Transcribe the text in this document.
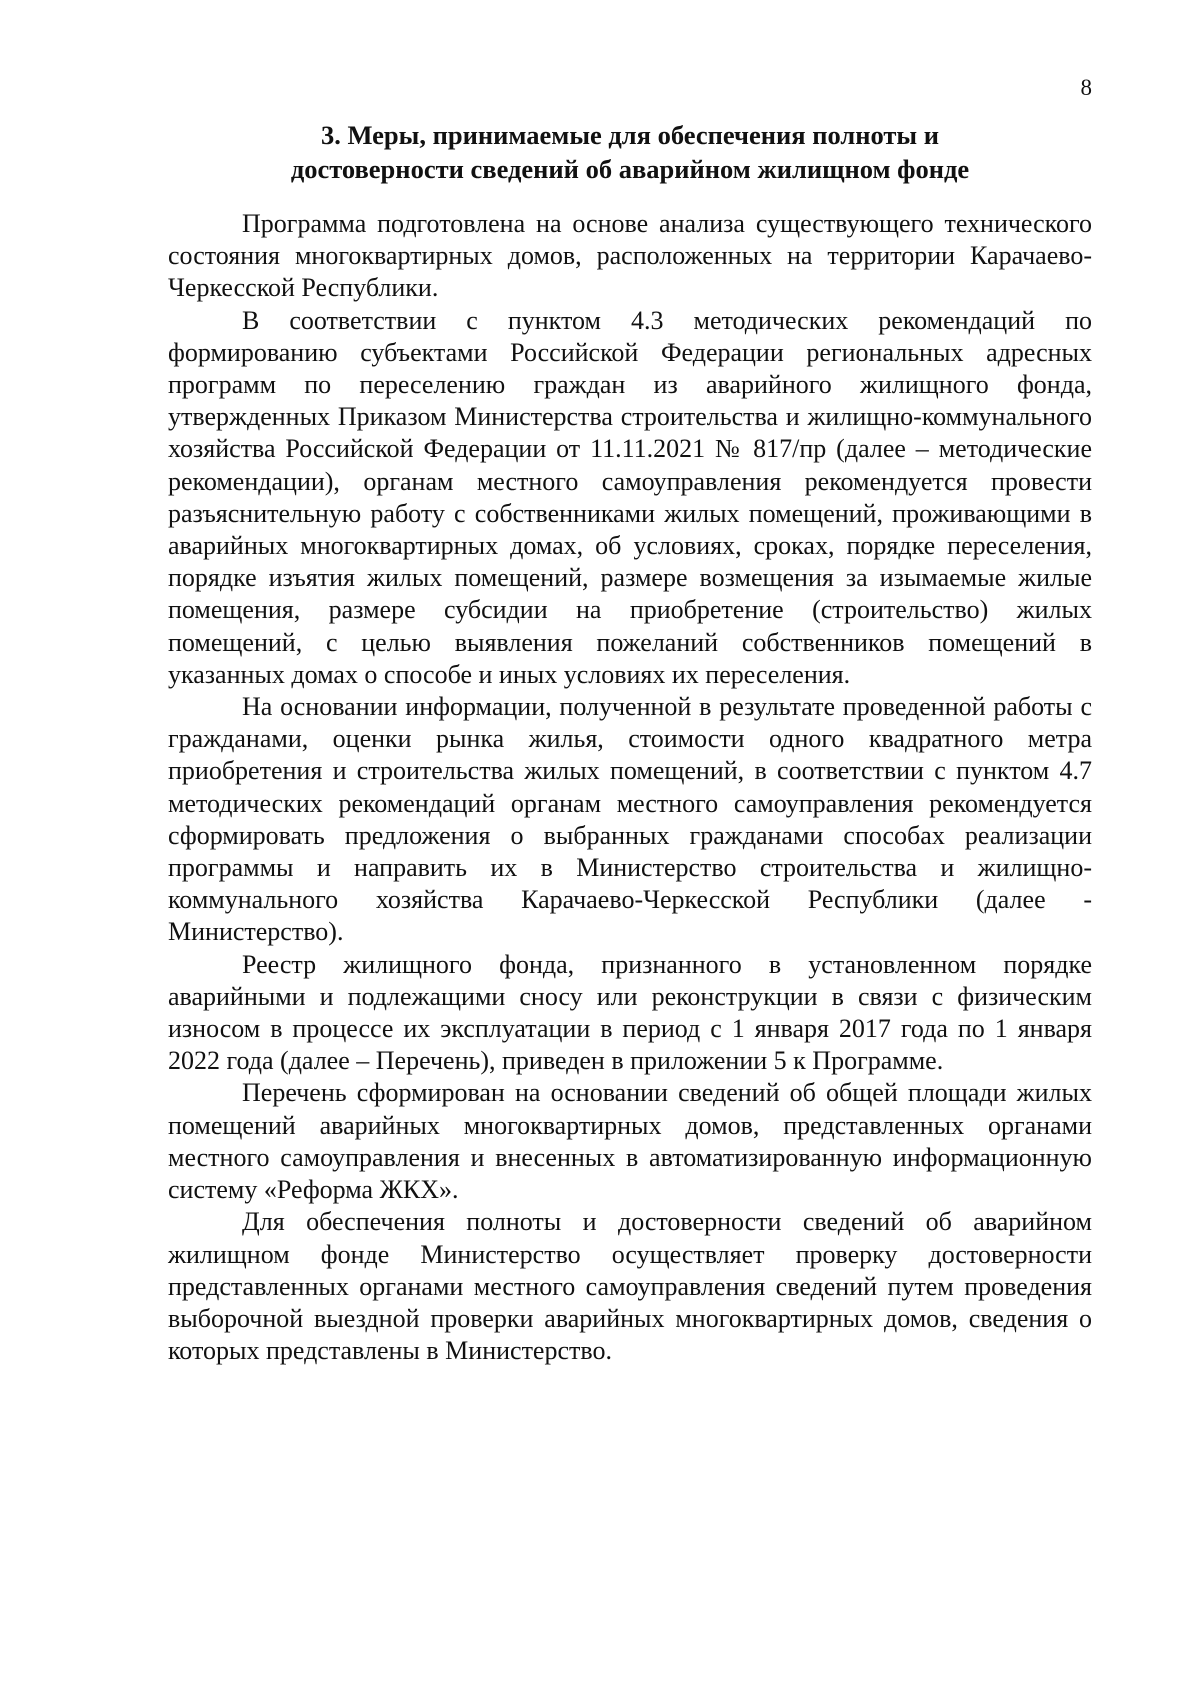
8
3. Меры, принимаемые для обеспечения полноты и
достоверности сведений об аварийном жилищном фонде

Программа подготовлена на основе анализа существующего технического состояния многоквартирных домов, расположенных на территории Карачаево-Черкесской Республики.

В соответствии с пунктом 4.3 методических рекомендаций по формированию субъектами Российской Федерации региональных адресных программ по переселению граждан из аварийного жилищного фонда, утвержденных Приказом Министерства строительства и жилищно-коммунального хозяйства Российской Федерации от 11.11.2021 № 817/пр (далее – методические рекомендации), органам местного самоуправления рекомендуется провести разъяснительную работу с собственниками жилых помещений, проживающими в аварийных многоквартирных домах, об условиях, сроках, порядке переселения, порядке изъятия жилых помещений, размере возмещения за изымаемые жилые помещения, размере субсидии на приобретение (строительство) жилых помещений, с целью выявления пожеланий собственников помещений в указанных домах о способе и иных условиях их переселения.

На основании информации, полученной в результате проведенной работы с гражданами, оценки рынка жилья, стоимости одного квадратного метра приобретения и строительства жилых помещений, в соответствии с пунктом 4.7 методических рекомендаций органам местного самоуправления рекомендуется сформировать предложения о выбранных гражданами способах реализации программы и направить их в Министерство строительства и жилищно-коммунального хозяйства Карачаево-Черкесской Республики (далее - Министерство).

Реестр жилищного фонда, признанного в установленном порядке аварийными и подлежащими сносу или реконструкции в связи с физическим износом в процессе их эксплуатации в период с 1 января 2017 года по 1 января 2022 года (далее – Перечень), приведен в приложении 5 к Программе.

Перечень сформирован на основании сведений об общей площади жилых помещений аварийных многоквартирных домов, представленных органами местного самоуправления и внесенных в автоматизированную информационную систему «Реформа ЖКХ».

Для обеспечения полноты и достоверности сведений об аварийном жилищном фонде Министерство осуществляет проверку достоверности представленных органами местного самоуправления сведений путем проведения выборочной выездной проверки аварийных многоквартирных домов, сведения о которых представлены в Министерство.
